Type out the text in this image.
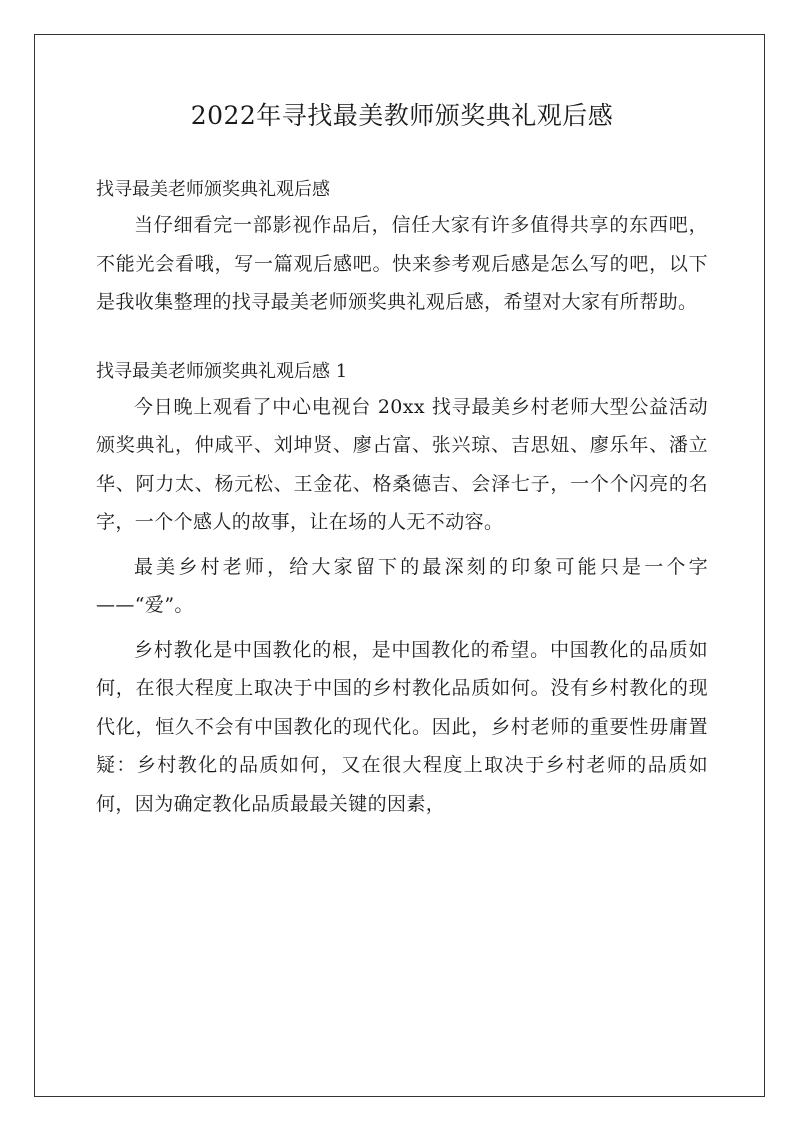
2022年寻找最美教师颁奖典礼观后感

找寻最美老师颁奖典礼观后感

当仔细看完一部影视作品后，信任大家有许多值得共享的东西吧，不能光会看哦，写一篇观后感吧。快来参考观后感是怎么写的吧，以下是我收集整理的找寻最美老师颁奖典礼观后感，希望对大家有所帮助。

找寻最美老师颁奖典礼观后感 1

今日晚上观看了中心电视台 20xx 找寻最美乡村老师大型公益活动颁奖典礼，仲咸平、刘坤贤、廖占富、张兴琼、吉思妞、廖乐年、潘立华、阿力太、杨元松、王金花、格桑德吉、会泽七子，一个个闪亮的名字，一个个感人的故事，让在场的人无不动容。

最美乡村老师，给大家留下的最深刻的印象可能只是一个字——“爱”。

乡村教化是中国教化的根，是中国教化的希望。中国教化的品质如何，在很大程度上取决于中国的乡村教化品质如何。没有乡村教化的现代化，恒久不会有中国教化的现代化。因此，乡村老师的重要性毋庸置疑：乡村教化的品质如何，又在很大程度上取决于乡村老师的品质如何，因为确定教化品质最最关键的因素，
